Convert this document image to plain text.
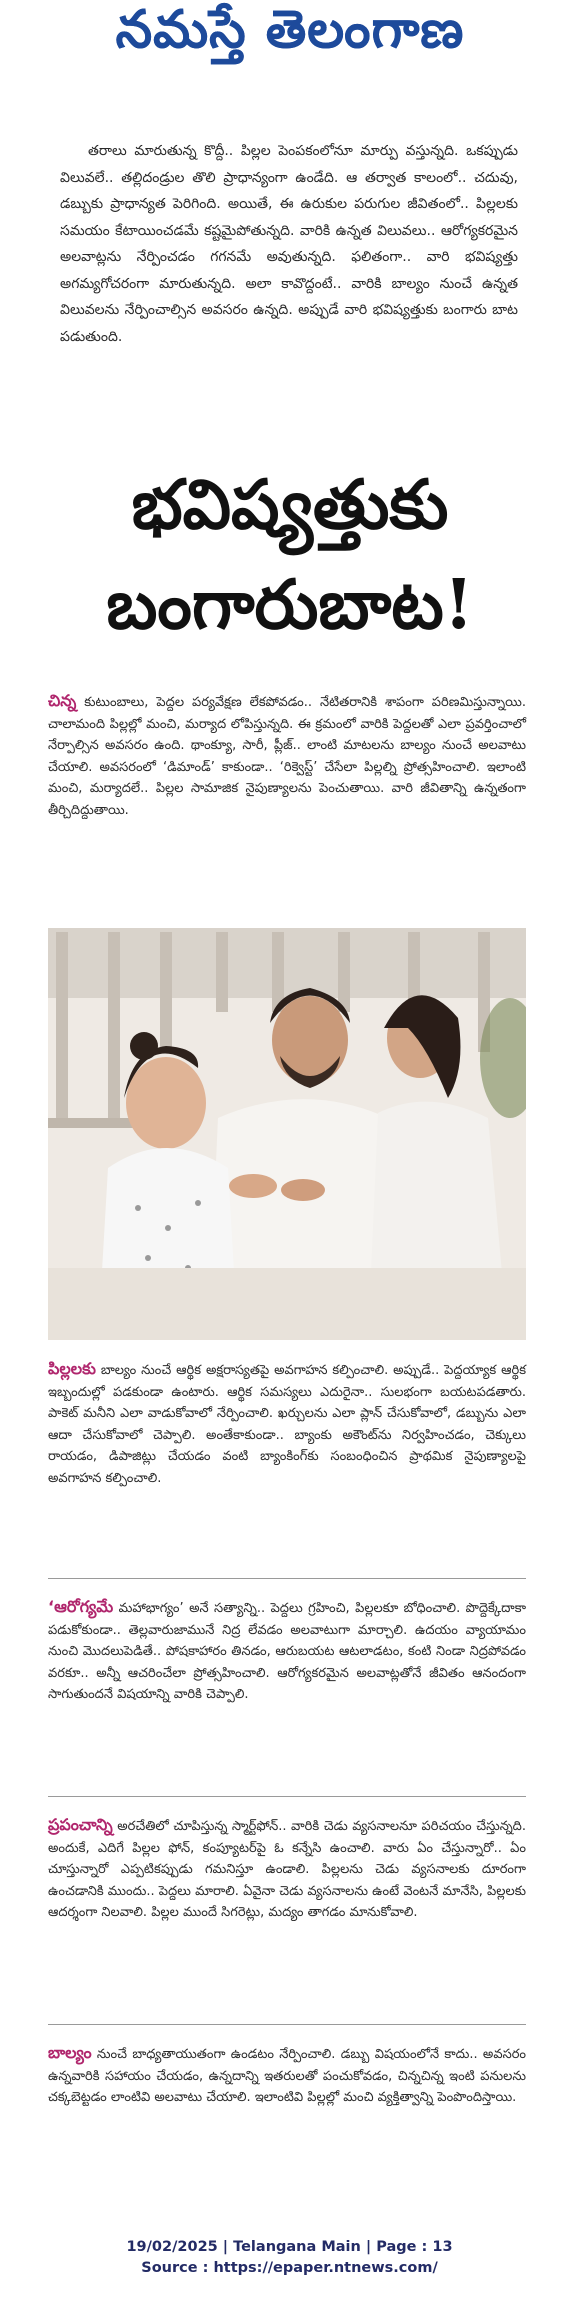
నమస్తే తెలంగాణ

తరాలు మారుతున్న కొద్దీ.. పిల్లల పెంపకంలోనూ మార్పు వస్తున్నది. ఒకప్పుడు విలువలే.. తల్లిదండ్రుల తొలి ప్రాధాన్యంగా ఉండేది. ఆ తర్వాత కాలంలో.. చదువు, డబ్బుకు ప్రాధాన్యత పెరిగింది. అయితే, ఈ ఉరుకుల పరుగుల జీవితంలో.. పిల్లలకు సమయం కేటాయించడమే కష్టమైపోతున్నది. వారికి ఉన్నత విలువలు.. ఆరోగ్యకరమైన అలవాట్లను నేర్పించడం గగనమే అవుతున్నది. ఫలితంగా.. వారి భవిష్యత్తు అగమ్యగోచరంగా మారుతున్నది. అలా కావొద్దంటే.. వారికి బాల్యం నుంచే ఉన్నత విలువలను నేర్పించాల్సిన అవసరం ఉన్నది. అప్పుడే వారి భవిష్యత్తుకు బంగారు బాట పడుతుంది.

భవిష్యత్తుకు
బంగారుబాట!

చిన్న కుటుంబాలు, పెద్దల పర్యవేక్షణ లేకపోవడం.. నేటితరానికి శాపంగా పరిణమిస్తున్నాయి. చాలామంది పిల్లల్లో మంచి, మర్యాద లోపిస్తున్నది. ఈ క్రమంలో వారికి పెద్దలతో ఎలా ప్రవర్తించాలో నేర్పాల్సిన అవసరం ఉంది. థాంక్యూ, సారీ, ప్లీజ్.. లాంటి మాటలను బాల్యం నుంచే అలవాటు చేయాలి. అవసరంలో ‘డిమాండ్’ కాకుండా.. ‘రిక్వెస్ట్’ చేసేలా పిల్లల్ని ప్రోత్సహించాలి. ఇలాంటి మంచి, మర్యాదలే.. పిల్లల సామాజిక నైపుణ్యాలను పెంచుతాయి. వారి జీవితాన్ని ఉన్నతంగా తీర్చిదిద్దుతాయి.

పిల్లలకు బాల్యం నుంచే ఆర్థిక అక్షరాస్యతపై అవగాహన కల్పించాలి. అప్పుడే.. పెద్దయ్యాక ఆర్థిక ఇబ్బందుల్లో పడకుండా ఉంటారు. ఆర్థిక సమస్యలు ఎదురైనా.. సులభంగా బయటపడతారు. పాకెట్ మనీని ఎలా వాడుకోవాలో నేర్పించాలి. ఖర్చులను ఎలా ప్లాన్ చేసుకోవాలో, డబ్బును ఎలా ఆదా చేసుకోవాలో చెప్పాలి. అంతేకాకుండా.. బ్యాంకు అకౌంట్‌ను నిర్వహించడం, చెక్కులు రాయడం, డిపాజిట్లు చేయడం వంటి బ్యాంకింగ్‌కు సంబంధించిన ప్రాథమిక నైపుణ్యాలపై అవగాహన కల్పించాలి.

‘ఆరోగ్యమే మహాభాగ్యం’ అనే సత్యాన్ని.. పెద్దలు గ్రహించి, పిల్లలకూ బోధించాలి. పొద్దెక్కేదాకా పడుకోకుండా.. తెల్లవారుజామునే నిద్ర లేవడం అలవాటుగా మార్చాలి. ఉదయం వ్యాయామం నుంచి మొదలుపెడితే.. పోషకాహారం తినడం, ఆరుబయట ఆటలాడటం, కంటి నిండా నిద్రపోవడం వరకూ.. అన్నీ ఆచరించేలా ప్రోత్సహించాలి. ఆరోగ్యకరమైన అలవాట్లతోనే జీవితం ఆనందంగా సాగుతుందనే విషయాన్ని వారికి చెప్పాలి.

ప్రపంచాన్ని అరచేతిలో చూపిస్తున్న స్మార్ట్‌ఫోన్.. వారికి చెడు వ్యసనాలనూ పరిచయం చేస్తున్నది. అందుకే, ఎదిగే పిల్లల ఫోన్, కంప్యూటర్‌పై ఓ కన్నేసి ఉంచాలి. వారు ఏం చేస్తున్నారో.. ఏం చూస్తున్నారో ఎప్పటికప్పుడు గమనిస్తూ ఉండాలి. పిల్లలను చెడు వ్యసనాలకు దూరంగా ఉంచడానికి ముందు.. పెద్దలు మారాలి. ఏవైనా చెడు వ్యసనాలను ఉంటే వెంటనే మానేసి, పిల్లలకు ఆదర్శంగా నిలవాలి. పిల్లల ముందే సిగరెట్లు, మద్యం తాగడం మానుకోవాలి.

బాల్యం నుంచే బాధ్యతాయుతంగా ఉండటం నేర్పించాలి. డబ్బు విషయంలోనే కాదు.. అవసరం ఉన్నవారికి సహాయం చేయడం, ఉన్నదాన్ని ఇతరులతో పంచుకోవడం, చిన్నచిన్న ఇంటి పనులను చక్కబెట్టడం లాంటివి అలవాటు చేయాలి. ఇలాంటివి పిల్లల్లో మంచి వ్యక్తిత్వాన్ని పెంపొందిస్తాయి.

19/02/2025 | Telangana Main | Page : 13
Source : https://epaper.ntnews.com/
